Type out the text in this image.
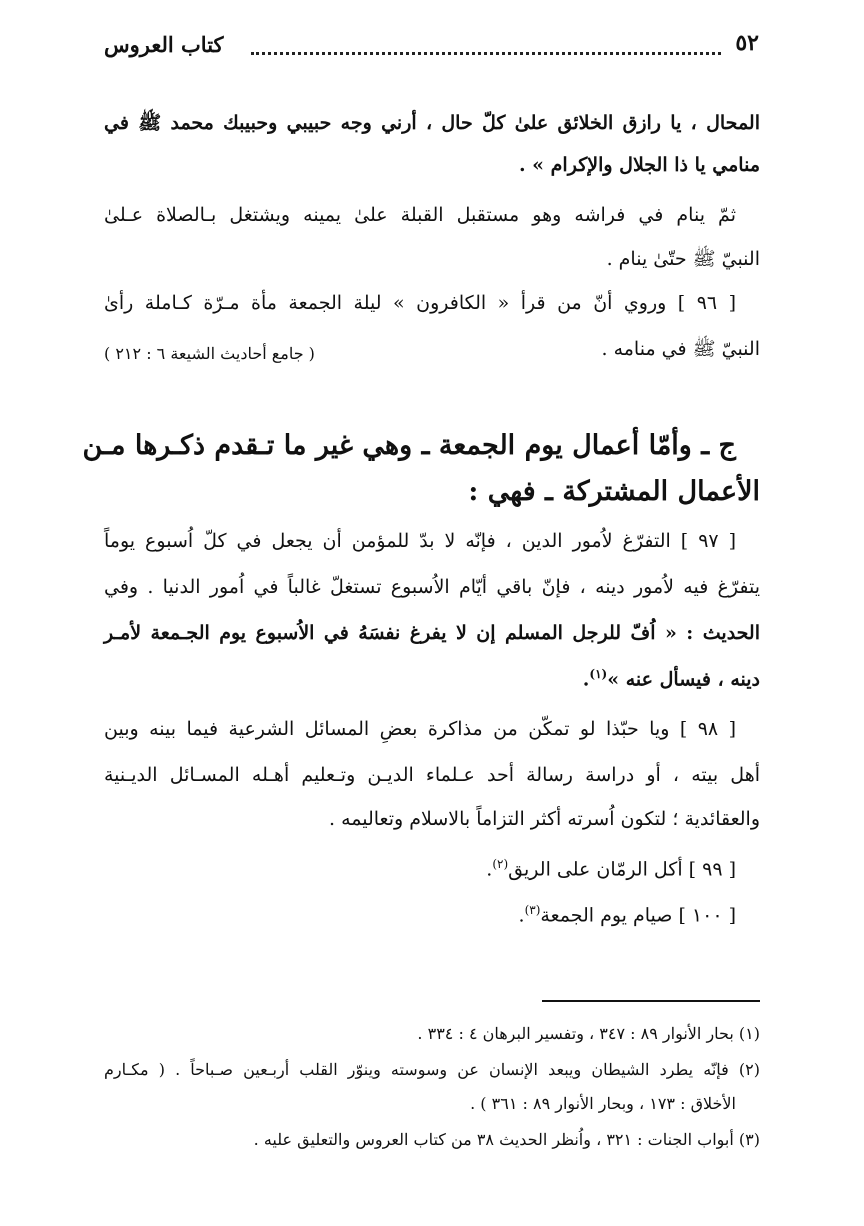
٥٢
كتاب العروس
المحال ، يا رازق الخلائق علىٰ كلّ حال ، أرني وجه حبيبي وحبيبك محمد ﷺ في
منامي يا ذا الجلال والإكرام » .
ثمّ ينام في فراشه وهو مستقبل القبلة علىٰ يمينه ويشتغل بـالصلاة عـلىٰ
النبيّ ﷺ حتّىٰ ينام .
[ ٩٦ ] وروي أنّ من قرأ « الكافرون » ليلة الجمعة مأة مـرّة كـاملة رأىٰ
النبيّ ﷺ في منامه .
( جامع أحاديث الشيعة ٦ : ٢١٢ )
ج ـ وأمّا أعمال يوم الجمعة ـ وهي غير ما تـقدم ذكـرها مـن
الأعمال المشتركة ـ فهي :
[ ٩٧ ] التفرّغ لاُمور الدين ، فإنّه لا بدّ للمؤمن أن يجعل في كلّ اُسبوع يوماً
يتفرّغ فيه لاُمور دينه ، فإنّ باقي أيّام الاُسبوع تستغلّ غالباً في اُمور الدنيا . وفي
الحديث : « اُفّ للرجل المسلم إن لا يفرغ نفسَهُ في الاُسبوع يوم الجـمعة لأمـر
دينه ، فيسأل عنه »$^{(١)}$.
[ ٩٨ ] ويا حبّذا لو تمكّن من مذاكرة بعضِ المسائل الشرعية فيما بينه وبين
أهل بيته ، أو دراسة رسالة أحد عـلماء الديـن وتـعليم أهـله المسـائل الديـنية
والعقائدية ؛ لتكون اُسرته أكثر التزاماً بالاسلام وتعاليمه .
[ ٩٩ ] أكل الرمّان على الريق$^{(٢)}$.
[ ١٠٠ ] صيام يوم الجمعة$^{(٣)}$.
(١) بحار الأنوار ٨٩ : ٣٤٧ ، وتفسير البرهان ٤ : ٣٣٤ .
(٢) فإنّه يطرد الشيطان ويبعد الإنسان عن وسوسته وينوّر القلب أربـعين صـباحاً . ( مكـارم
الأخلاق : ١٧٣ ، وبحار الأنوار ٨٩ : ٣٦١ ) .
(٣) أبواب الجنات : ٣٢١ ، واُنظر الحديث ٣٨ من كتاب العروس والتعليق عليه .
